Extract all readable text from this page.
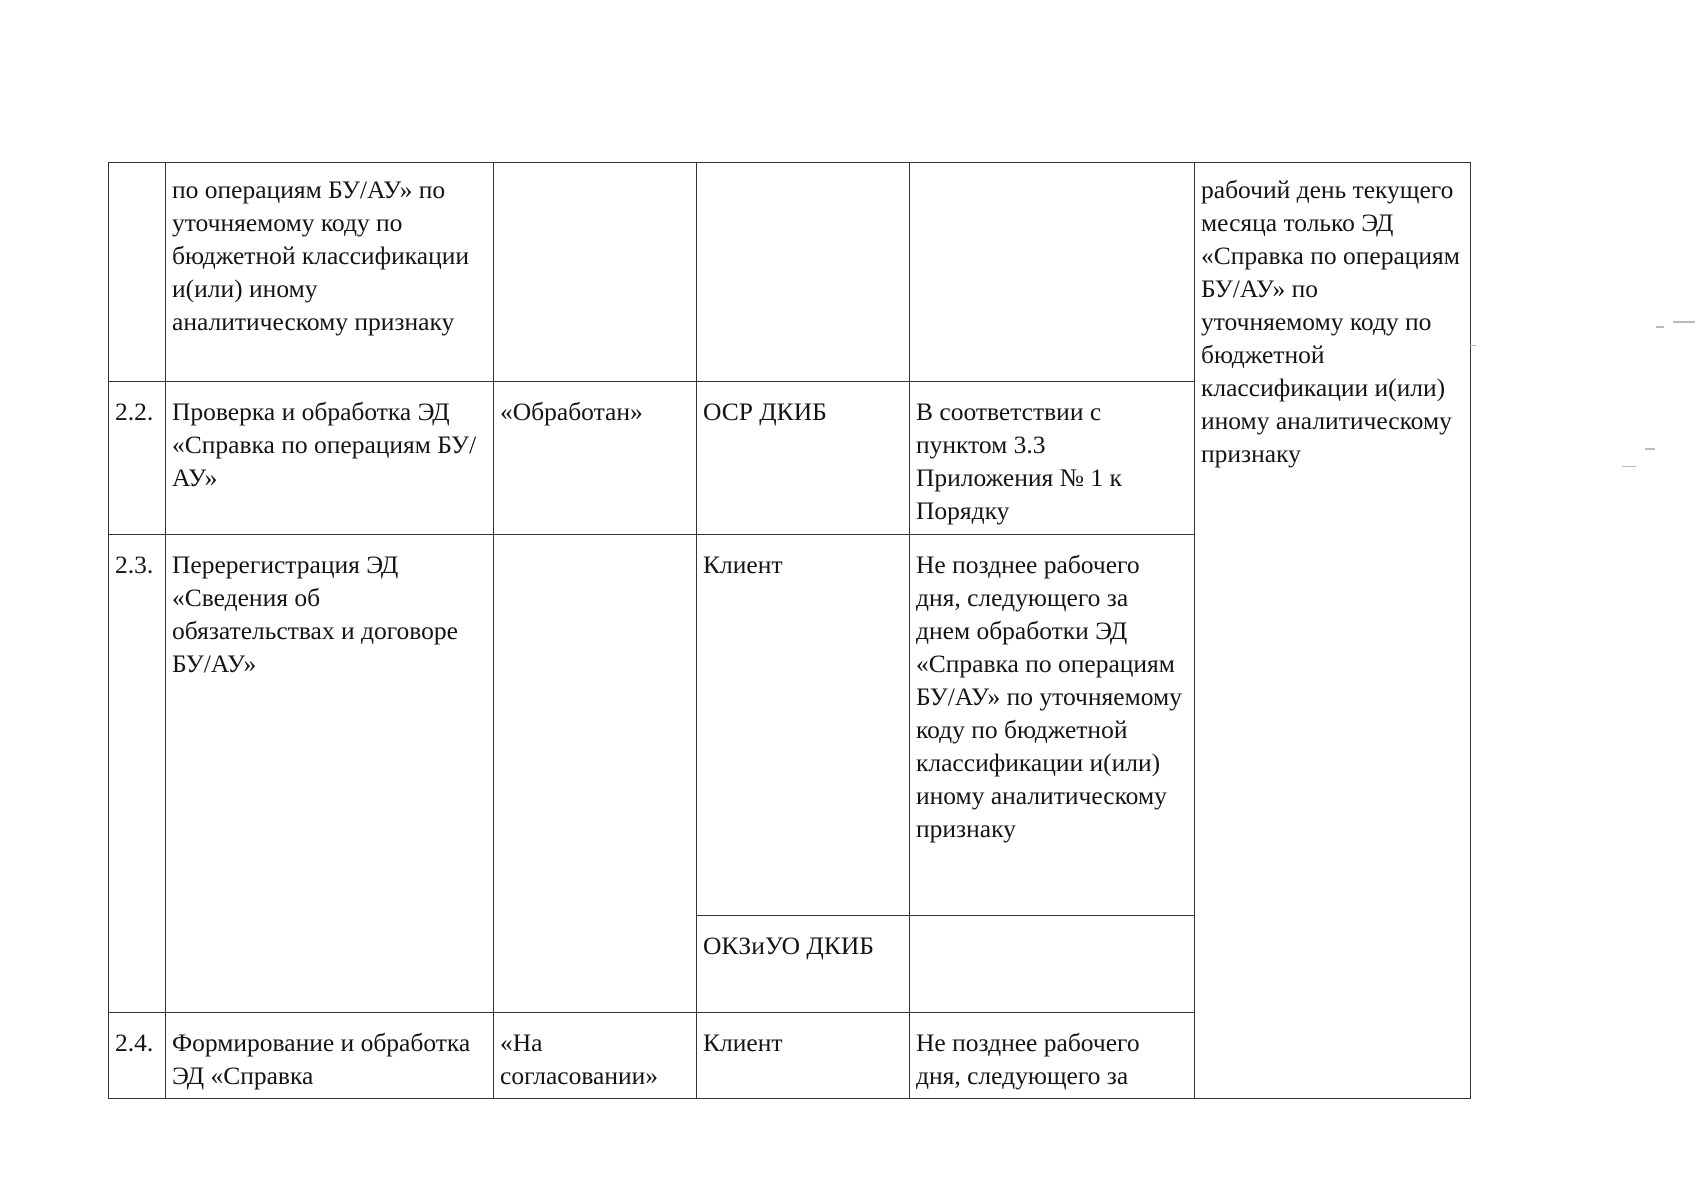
	по операциям БУ/АУ» по уточняемому коду по бюджетной классификации и(или) иному аналитическому признаку				рабочий день текущего месяца только ЭД «Справка по операциям БУ/АУ» по уточняемому коду по бюджетной классификации и(или) иному аналитическому признаку
2.2.	Проверка и обработка ЭД «Справка по операциям БУ/АУ»	«Обработан»	ОСР ДКИБ	В соответствии с пунктом 3.3 Приложения № 1 к Порядку	
2.3.	Перерегистрация ЭД «Сведения об обязательствах и договоре БУ/АУ»		Клиент	Не позднее рабочего дня, следующего за днем обработки ЭД «Справка по операциям БУ/АУ» по уточняемому коду по бюджетной классификации и(или) иному аналитическому признаку	
			ОКЗиУО ДКИБ		
2.4.	Формирование и обработка ЭД «Справка	«На согласовании»	Клиент	Не позднее рабочего дня, следующего за	
